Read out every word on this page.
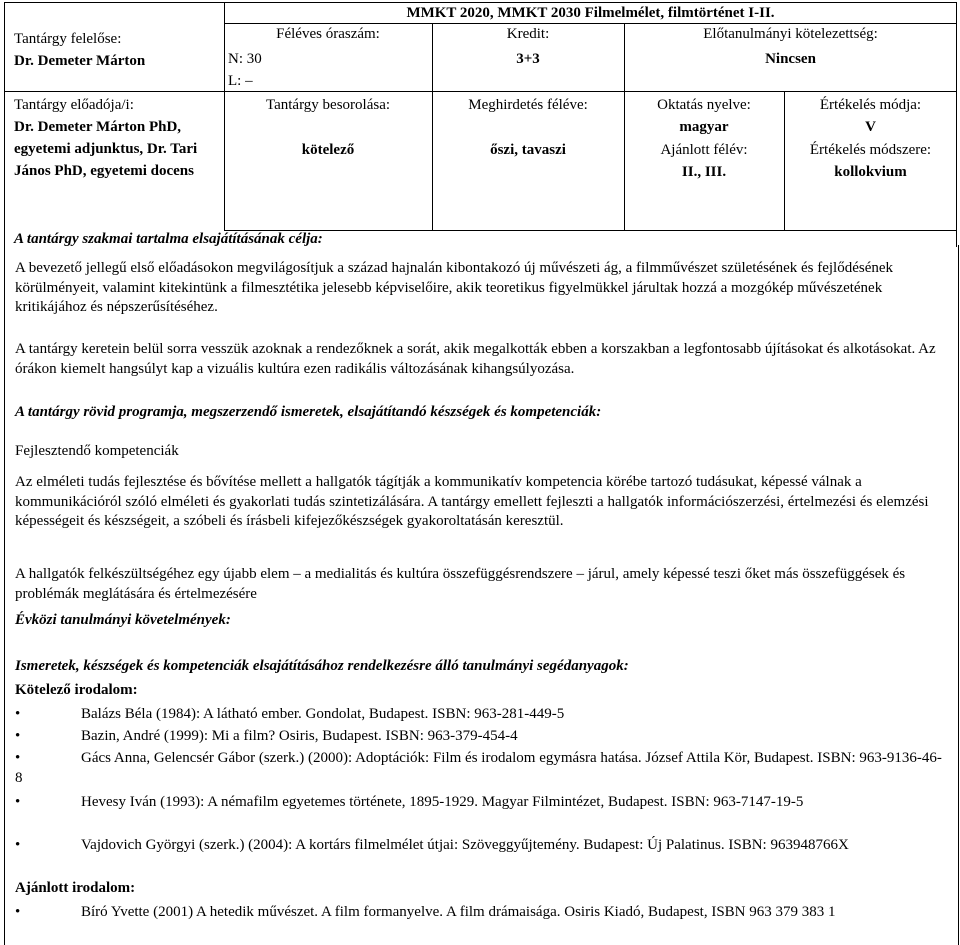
Tantárgy felelőse:
Dr. Demeter Márton
MMKT 2020, MMKT 2030 Filmelmélet, filmtörténet I-II.
Féléves óraszám:
N: 30
L: –
Kredit:
3+3
Előtanulmányi kötelezettség:
Nincsen
Tantárgy előadója/i:
Dr. Demeter Márton PhD, egyetemi adjunktus, Dr. Tari János PhD, egyetemi docens
Tantárgy besorolása:
kötelező
Meghirdetés féléve:
őszi, tavaszi
Oktatás nyelve:
magyar
Ajánlott félév:
II., III.
Értékelés módja:
V
Értékelés módszere:
kollokvium
A tantárgy szakmai tartalma elsajátításának célja:
A bevezető jellegű első előadásokon megvilágosítjuk a század hajnalán kibontakozó új művészeti ág, a filmművészet születésének és fejlődésének körülményeit, valamint kitekintünk a filmesztétika jelesebb képviselőire, akik teoretikus figyelmükkel járultak hozzá a mozgókép művészetének kritikájához és népszerűsítéséhez.
A tantárgy keretein belül sorra vesszük azoknak a rendezőknek a sorát, akik megalkották ebben a korszakban a legfontosabb újításokat és alkotásokat. Az órákon kiemelt hangsúlyt kap a vizuális kultúra ezen radikális változásának kihangsúlyozása.
A tantárgy rövid programja, megszerzendő ismeretek, elsajátítandó készségek és kompetenciák:
Fejlesztendő kompetenciák
Az elméleti tudás fejlesztése és bővítése mellett a hallgatók tágítják a kommunikatív kompetencia körébe tartozó tudásukat, képessé válnak a kommunikációról szóló elméleti és gyakorlati tudás szintetizálására. A tantárgy emellett fejleszti a hallgatók információszerzési, értelmezési és elemzési képességeit és készségeit, a szóbeli és írásbeli kifejezőkészségek gyakoroltatásán keresztül.
A hallgatók felkészültségéhez egy újabb elem – a medialitás és kultúra összefüggésrendszere – járul, amely képessé teszi őket más összefüggések és problémák meglátására és értelmezésére
Évközi tanulmányi követelmények:
Ismeretek, készségek és kompetenciák elsajátításához rendelkezésre álló tanulmányi segédanyagok:
Kötelező irodalom:
•	Balázs Béla (1984): A látható ember. Gondolat, Budapest. ISBN: 963-281-449-5
•	Bazin, André (1999): Mi a film? Osiris, Budapest. ISBN: 963-379-454-4
•	Gács Anna, Gelencsér Gábor (szerk.) (2000): Adoptációk: Film és irodalom egymásra hatása. József Attila Kör, Budapest. ISBN: 963-9136-46-8
•	Hevesy Iván (1993): A némafilm egyetemes története, 1895-1929. Magyar Filmintézet, Budapest. ISBN: 963-7147-19-5
•	Vajdovich Györgyi (szerk.) (2004): A kortárs filmelmélet útjai: Szöveggyűjtemény. Budapest: Új Palatinus. ISBN: 963948766X
Ajánlott irodalom:
•	Bíró Yvette (2001) A hetedik művészet. A film formanyelve. A film drámaisága. Osiris Kiadó, Budapest, ISBN 963 379 383 1
